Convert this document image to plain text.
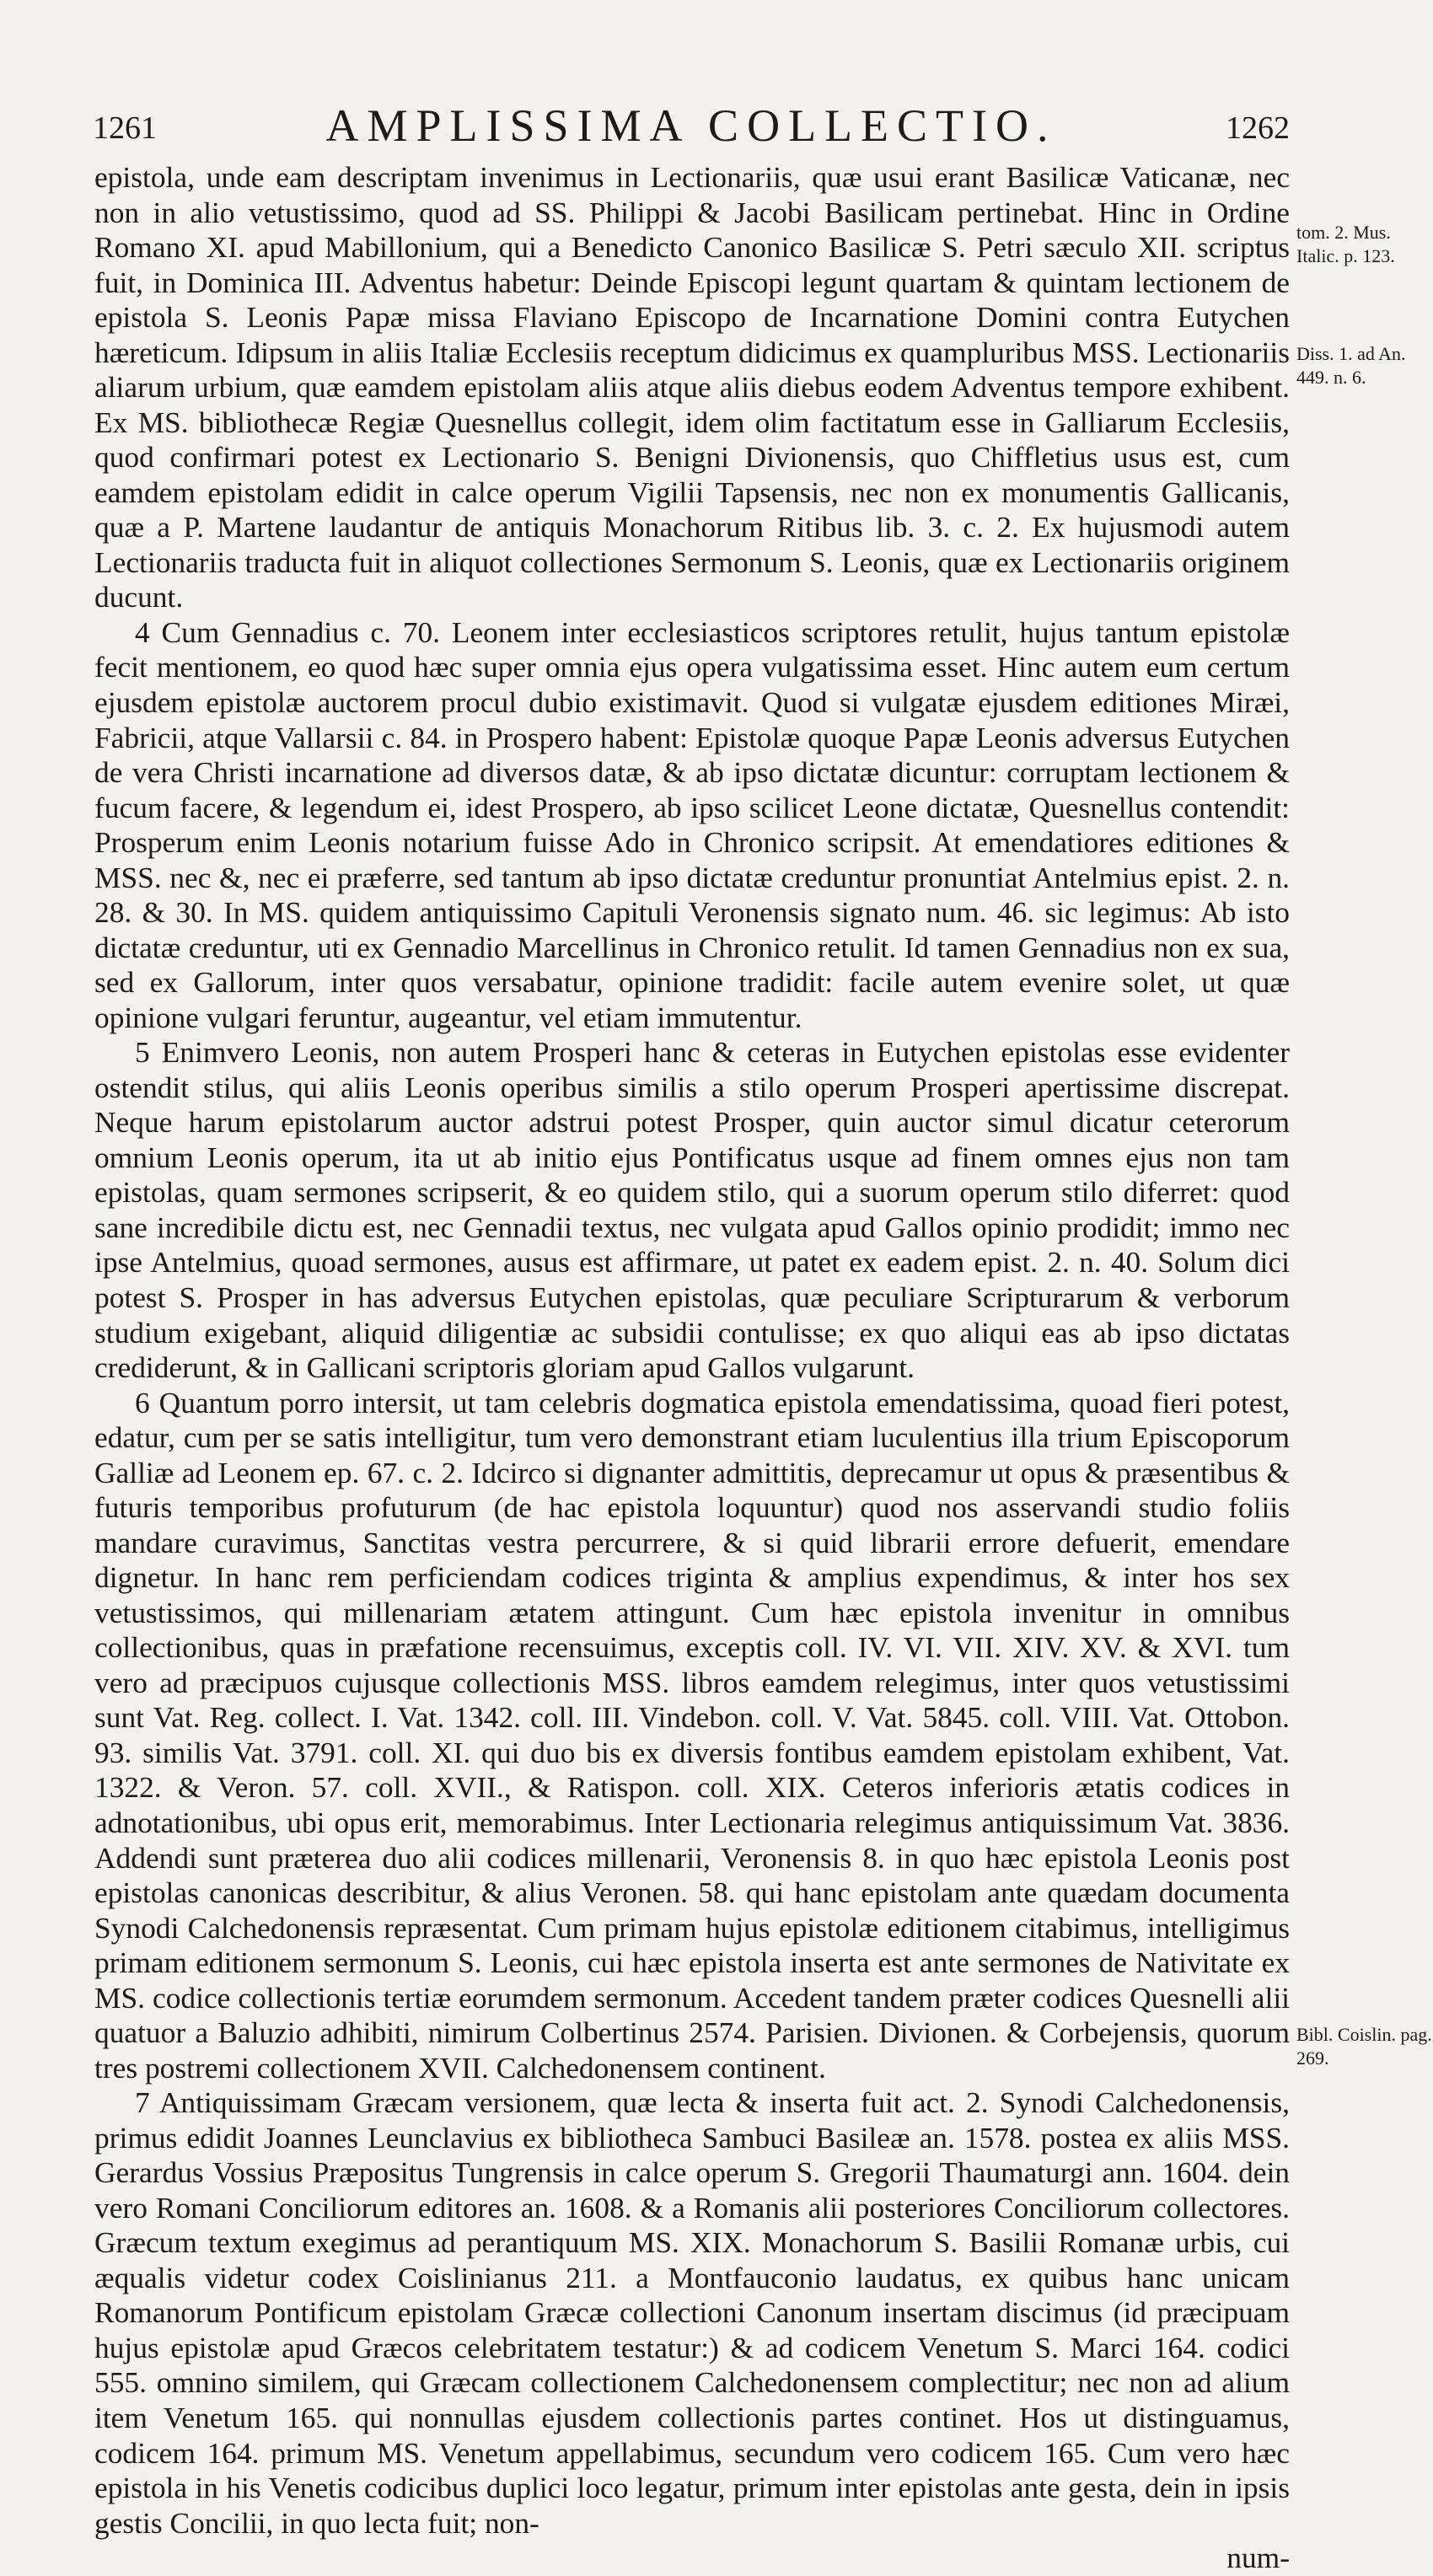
1261	AMPLISSIMA COLLECTIO.	1262
tom. 2. Mus. Italic. p. 123.
Diss. 1. ad An. 449. n. 6.
Bibl. Coislin. pag. 269.

epistola, unde eam descriptam invenimus in Lectionariis, quæ usui erant Basilicæ Vaticanæ, nec non in alio vetustissimo, quod ad SS. Philippi & Jacobi Basilicam pertinebat. Hinc in Ordine Romano XI. apud Mabillonium, qui a Benedicto Canonico Basilicæ S. Petri sæculo XII. scriptus fuit, in Dominica III. Adventus habetur: Deinde Episcopi legunt quartam & quintam lectionem de epistola S. Leonis Papæ missa Flaviano Episcopo de Incarnatione Domini contra Eutychen hæreticum. Idipsum in aliis Italiæ Ecclesiis receptum didicimus ex quampluribus MSS. Lectionariis aliarum urbium, quæ eamdem epistolam aliis atque aliis diebus eodem Adventus tempore exhibent. Ex MS. bibliothecæ Regiæ Quesnellus collegit, idem olim factitatum esse in Galliarum Ecclesiis, quod confirmari potest ex Lectionario S. Benigni Divionensis, quo Chiffletius usus est, cum eamdem epistolam edidit in calce operum Vigilii Tapsensis, nec non ex monumentis Gallicanis, quæ a P. Martene laudantur de antiquis Monachorum Ritibus lib. 3. c. 2. Ex hujusmodi autem Lectionariis traducta fuit in aliquot collectiones Sermonum S. Leonis, quæ ex Lectionariis originem ducunt.

4 Cum Gennadius c. 70. Leonem inter ecclesiasticos scriptores retulit, hujus tantum epistolæ fecit mentionem, eo quod hæc super omnia ejus opera vulgatissima esset. Hinc autem eum certum ejusdem epistolæ auctorem procul dubio existimavit. Quod si vulgatæ ejusdem editiones Miræi, Fabricii, atque Vallarsii c. 84. in Prospero habent: Epistolæ quoque Papæ Leonis adversus Eutychen de vera Christi incarnatione ad diversos datæ, & ab ipso dictatæ dicuntur: corruptam lectionem & fucum facere, & legendum ei, idest Prospero, ab ipso scilicet Leone dictatæ, Quesnellus contendit: Prosperum enim Leonis notarium fuisse Ado in Chronico scripsit. At emendatiores editiones & MSS. nec &, nec ei præferre, sed tantum ab ipso dictatæ creduntur pronuntiat Antelmius epist. 2. n. 28. & 30. In MS. quidem antiquissimo Capituli Veronensis signato num. 46. sic legimus: Ab isto dictatæ creduntur, uti ex Gennadio Marcellinus in Chronico retulit. Id tamen Gennadius non ex sua, sed ex Gallorum, inter quos versabatur, opinione tradidit: facile autem evenire solet, ut quæ opinione vulgari feruntur, augeantur, vel etiam immutentur.

5 Enimvero Leonis, non autem Prosperi hanc & ceteras in Eutychen epistolas esse evidenter ostendit stilus, qui aliis Leonis operibus similis a stilo operum Prosperi apertissime discrepat. Neque harum epistolarum auctor adstrui potest Prosper, quin auctor simul dicatur ceterorum omnium Leonis operum, ita ut ab initio ejus Pontificatus usque ad finem omnes ejus non tam epistolas, quam sermones scripserit, & eo quidem stilo, qui a suorum operum stilo diferret: quod sane incredibile dictu est, nec Gennadii textus, nec vulgata apud Gallos opinio prodidit; immo nec ipse Antelmius, quoad sermones, ausus est affirmare, ut patet ex eadem epist. 2. n. 40. Solum dici potest S. Prosper in has adversus Eutychen epistolas, quæ peculiare Scripturarum & verborum studium exigebant, aliquid diligentiæ ac subsidii contulisse; ex quo aliqui eas ab ipso dictatas crediderunt, & in Gallicani scriptoris gloriam apud Gallos vulgarunt.

6 Quantum porro intersit, ut tam celebris dogmatica epistola emendatissima, quoad fieri potest, edatur, cum per se satis intelligitur, tum vero demonstrant etiam luculentius illa trium Episcoporum Galliæ ad Leonem ep. 67. c. 2. Idcirco si dignanter admittitis, deprecamur ut opus & præsentibus & futuris temporibus profuturum (de hac epistola loquuntur) quod nos asservandi studio foliis mandare curavimus, Sanctitas vestra percurrere, & si quid librarii errore defuerit, emendare dignetur. In hanc rem perficiendam codices triginta & amplius expendimus, & inter hos sex vetustissimos, qui millenariam ætatem attingunt. Cum hæc epistola invenitur in omnibus collectionibus, quas in præfatione recensuimus, exceptis coll. IV. VI. VII. XIV. XV. & XVI. tum vero ad præcipuos cujusque collectionis MSS. libros eamdem relegimus, inter quos vetustissimi sunt Vat. Reg. collect. I. Vat. 1342. coll. III. Vindebon. coll. V. Vat. 5845. coll. VIII. Vat. Ottobon. 93. similis Vat. 3791. coll. XI. qui duo bis ex diversis fontibus eamdem epistolam exhibent, Vat. 1322. & Veron. 57. coll. XVII., & Ratispon. coll. XIX. Ceteros inferioris ætatis codices in adnotationibus, ubi opus erit, memorabimus. Inter Lectionaria relegimus antiquissimum Vat. 3836. Addendi sunt præterea duo alii codices millenarii, Veronensis 8. in quo hæc epistola Leonis post epistolas canonicas describitur, & alius Veronen. 58. qui hanc epistolam ante quædam documenta Synodi Calchedonensis repræsentat. Cum primam hujus epistolæ editionem citabimus, intelligimus primam editionem sermonum S. Leonis, cui hæc epistola inserta est ante sermones de Nativitate ex MS. codice collectionis tertiæ eorumdem sermonum. Accedent tandem præter codices Quesnelli alii quatuor a Baluzio adhibiti, nimirum Colbertinus 2574. Parisien. Divionen. & Corbejensis, quorum tres postremi collectionem XVII. Calchedonensem continent.

7 Antiquissimam Græcam versionem, quæ lecta & inserta fuit act. 2. Synodi Calchedonensis, primus edidit Joannes Leunclavius ex bibliotheca Sambuci Basileæ an. 1578. postea ex aliis MSS. Gerardus Vossius Præpositus Tungrensis in calce operum S. Gregorii Thaumaturgi ann. 1604. dein vero Romani Conciliorum editores an. 1608. & a Romanis alii posteriores Conciliorum collectores. Græcum textum exegimus ad perantiquum MS. XIX. Monachorum S. Basilii Romanæ urbis, cui æqualis videtur codex Coislinianus 211. a Montfauconio laudatus, ex quibus hanc unicam Romanorum Pontificum epistolam Græcæ collectioni Canonum insertam discimus (id præcipuam hujus epistolæ apud Græcos celebritatem testatur:) & ad codicem Venetum S. Marci 164. codici 555. omnino similem, qui Græcam collectionem Calchedonensem complectitur; nec non ad alium item Venetum 165. qui nonnullas ejusdem collectionis partes continet. Hos ut distinguamus, codicem 164. primum MS. Venetum appellabimus, secundum vero codicem 165. Cum vero hæc epistola in his Venetis codicibus duplici loco legatur, primum inter epistolas ante gesta, dein in ipsis gestis Concilii, in quo lecta fuit; non-

num-
